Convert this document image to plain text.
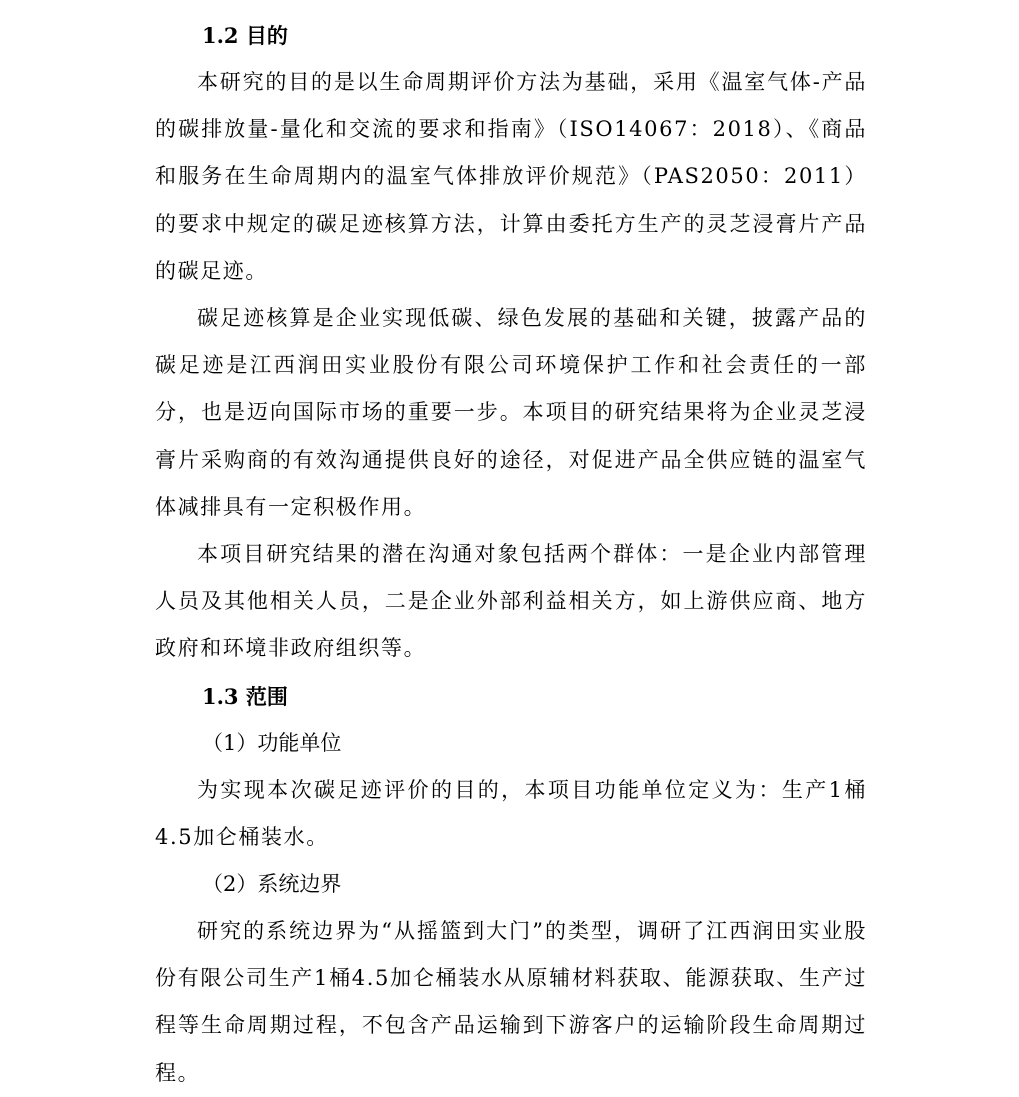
1.2 目的

本研究的目的是以生命周期评价方法为基础，采用《温室气体-产品的碳排放量-量化和交流的要求和指南》（ISO14067：2018）、《商品和服务在生命周期内的温室气体排放评价规范》（PAS2050：2011）的要求中规定的碳足迹核算方法，计算由委托方生产的灵芝浸膏片产品的碳足迹。

碳足迹核算是企业实现低碳、绿色发展的基础和关键，披露产品的碳足迹是江西润田实业股份有限公司环境保护工作和社会责任的一部分，也是迈向国际市场的重要一步。本项目的研究结果将为企业灵芝浸膏片采购商的有效沟通提供良好的途径，对促进产品全供应链的温室气体减排具有一定积极作用。

本项目研究结果的潜在沟通对象包括两个群体：一是企业内部管理人员及其他相关人员，二是企业外部利益相关方，如上游供应商、地方政府和环境非政府组织等。

1.3 范围
（1）功能单位

为实现本次碳足迹评价的目的，本项目功能单位定义为：生产1桶4.5加仑桶装水。

（2）系统边界

研究的系统边界为“从摇篮到大门”的类型，调研了江西润田实业股份有限公司生产1桶4.5加仑桶装水从原辅材料获取、能源获取、生产过程等生命周期过程，不包含产品运输到下游客户的运输阶段生命周期过程。
